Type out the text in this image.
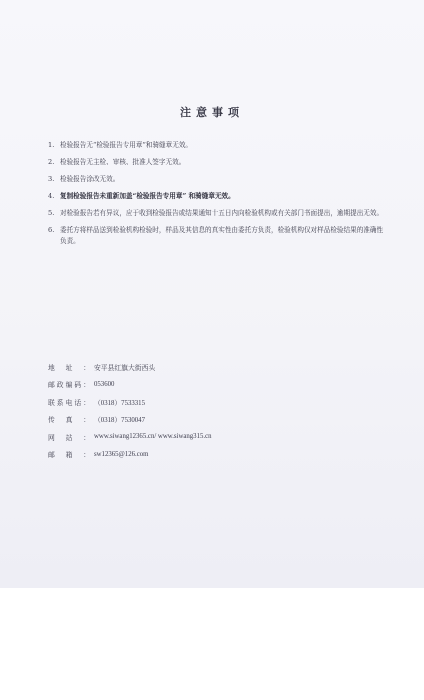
注意事项
1. 检验报告无“检验报告专用章”和骑缝章无效。
2. 检验报告无主检、审核、批准人签字无效。
3. 检验报告涂改无效。
4. 复制检验报告未重新加盖“检验报告专用章” 和骑缝章无效。
5. 对检验报告若有异议，应于收到检验报告或结果通知十五日内向检验机构或有关部门书面提出，逾期提出无效。
6. 委托方将样品送到检验机构检验时，样品及其信息的真实性由委托方负责，检验机构仅对样品检验结果的准确性负责。
地址： 安平县红旗大街西头
邮政编码： 053600
联系电话： （0318）7533315
传真： （0318）7530047
网站： www.siwang12365.cn/ www.siwang315.cn
邮箱： sw12365@126.com
